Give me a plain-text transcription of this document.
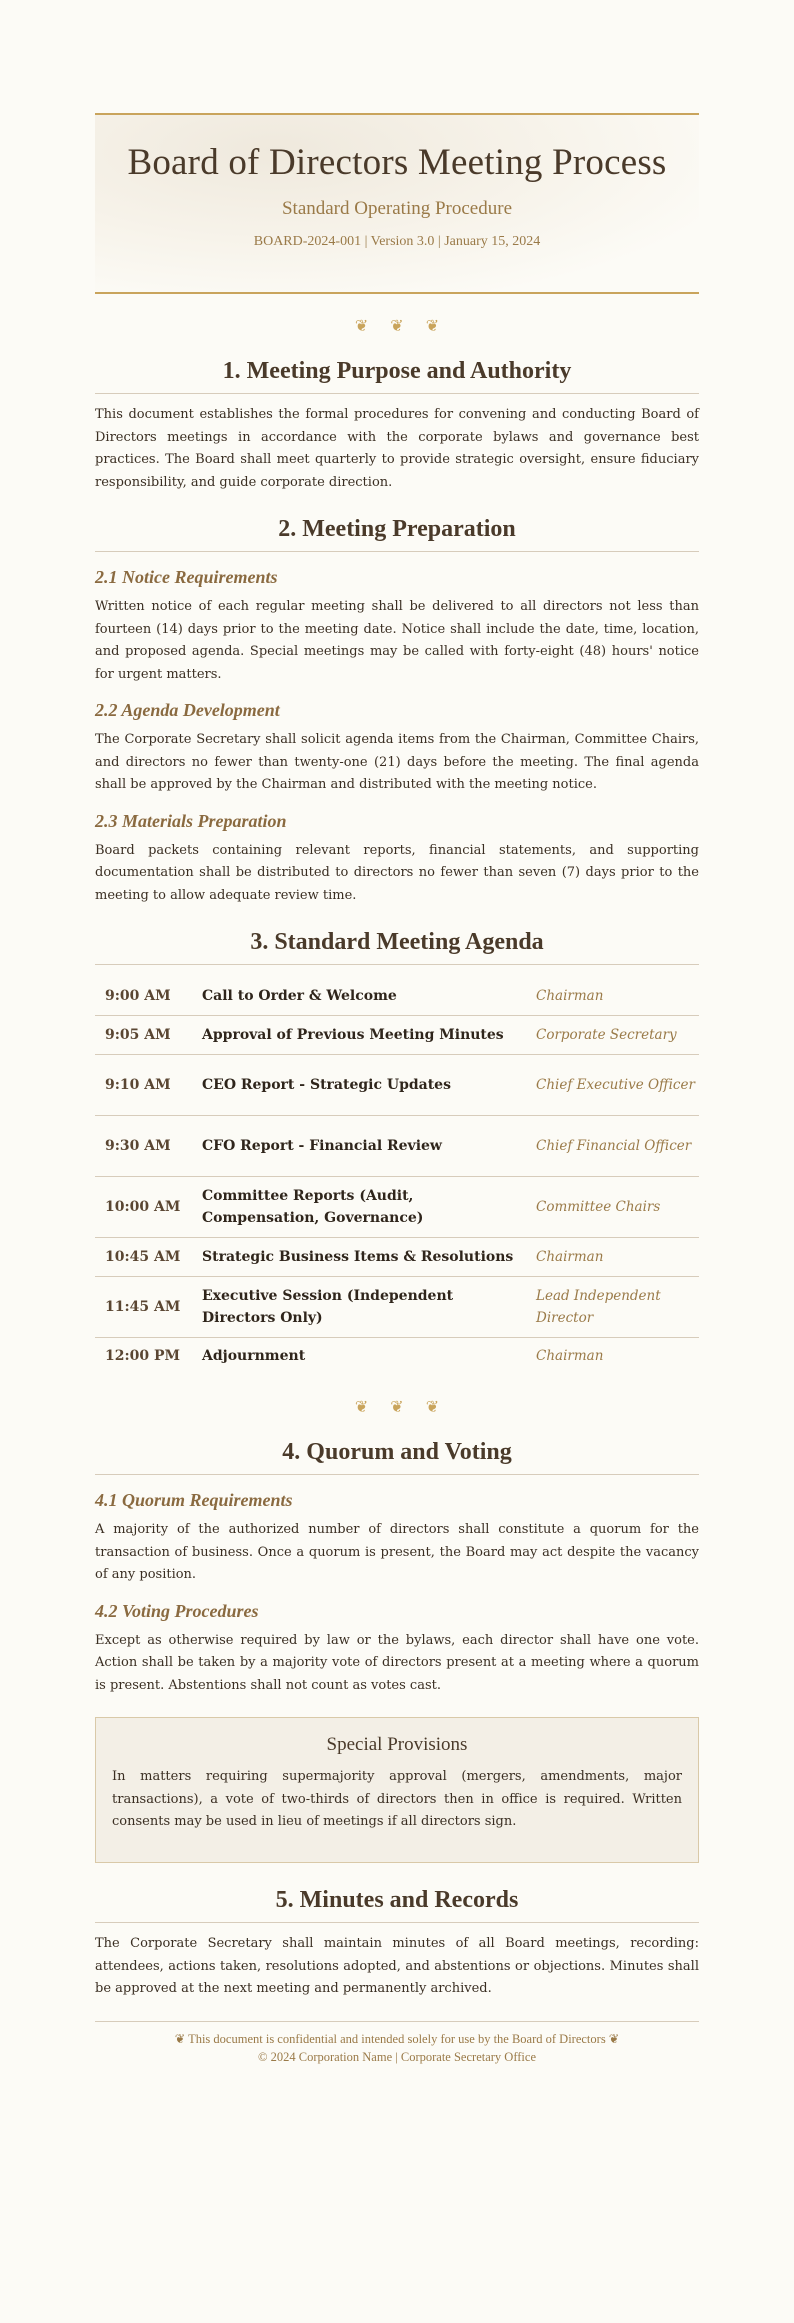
Board of Directors Meeting Process
Standard Operating Procedure
BOARD-2024-001 | Version 3.0 | January 15, 2024
❦❦❦
1. Meeting Purpose and Authority

This document establishes the formal procedures for convening and conducting Board of Directors meetings in accordance with the corporate bylaws and governance best practices. The Board shall meet quarterly to provide strategic oversight, ensure fiduciary responsibility, and guide corporate direction.

2. Meeting Preparation
2.1 Notice Requirements

Written notice of each regular meeting shall be delivered to all directors not less than fourteen (14) days prior to the meeting date. Notice shall include the date, time, location, and proposed agenda. Special meetings may be called with forty-eight (48) hours' notice for urgent matters.

2.2 Agenda Development

The Corporate Secretary shall solicit agenda items from the Chairman, Committee Chairs, and directors no fewer than twenty-one (21) days before the meeting. The final agenda shall be approved by the Chairman and distributed with the meeting notice.

2.3 Materials Preparation

Board packets containing relevant reports, financial statements, and supporting documentation shall be distributed to directors no fewer than seven (7) days prior to the meeting to allow adequate review time.

3. Standard Meeting Agenda
9:00 AM	Call to Order & Welcome	Chairman
9:05 AM	Approval of Previous Meeting Minutes	Corporate Secretary
9:10 AM	CEO Report - Strategic Updates	Chief Executive Officer
9:30 AM	CFO Report - Financial Review	Chief Financial Officer
10:00 AM	Committee Reports (Audit, Compensation, Governance)	Committee Chairs
10:45 AM	Strategic Business Items & Resolutions	Chairman
11:45 AM	Executive Session (Independent Directors Only)	Lead Independent Director
12:00 PM	Adjournment	Chairman
❦❦❦
4. Quorum and Voting
4.1 Quorum Requirements

A majority of the authorized number of directors shall constitute a quorum for the transaction of business. Once a quorum is present, the Board may act despite the vacancy of any position.

4.2 Voting Procedures

Except as otherwise required by law or the bylaws, each director shall have one vote. Action shall be taken by a majority vote of directors present at a meeting where a quorum is present. Abstentions shall not count as votes cast.

Special Provisions

In matters requiring supermajority approval (mergers, amendments, major transactions), a vote of two-thirds of directors then in office is required. Written consents may be used in lieu of meetings if all directors sign.

5. Minutes and Records

The Corporate Secretary shall maintain minutes of all Board meetings, recording: attendees, actions taken, resolutions adopted, and abstentions or objections. Minutes shall be approved at the next meeting and permanently archived.

❦ This document is confidential and intended solely for use by the Board of Directors ❦
© 2024 Corporation Name | Corporate Secretary Office
